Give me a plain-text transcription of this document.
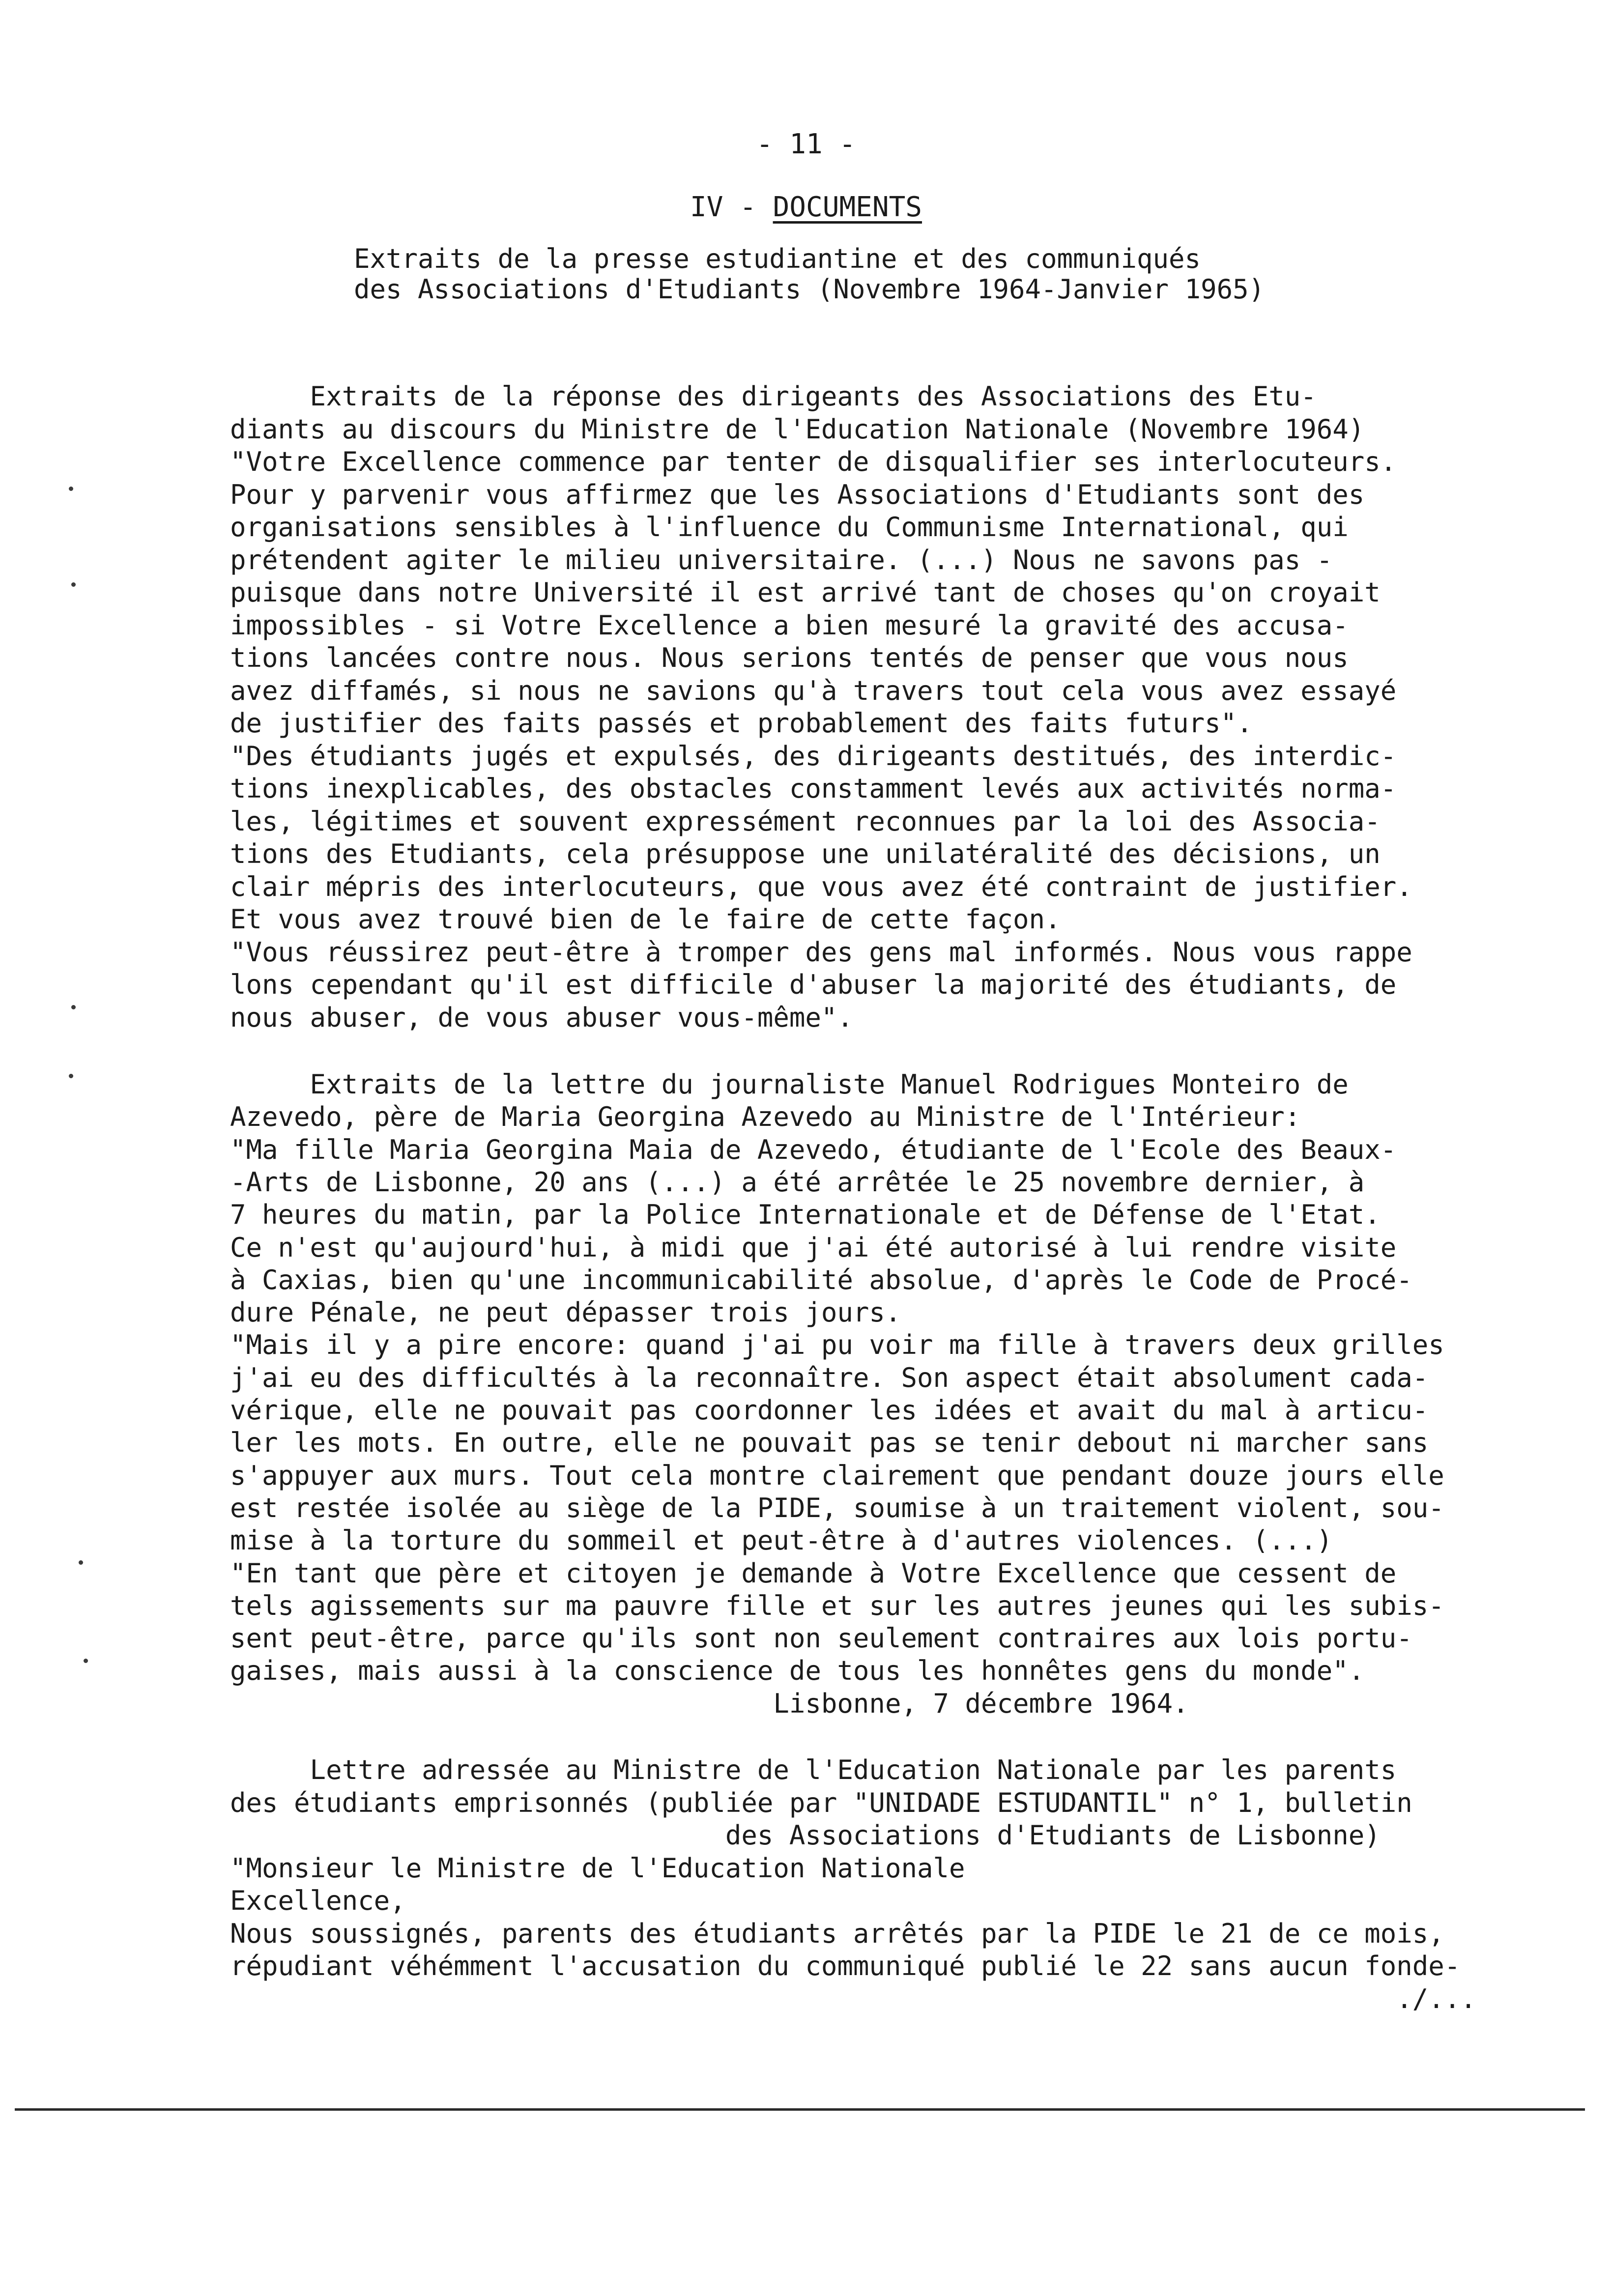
- 11 -
IV - DOCUMENTS
Extraits de la presse estudiantine et des communiqués
des Associations d'Etudiants (Novembre 1964-Janvier 1965)
Extraits de la réponse des dirigeants des Associations des Etu-
diants au discours du Ministre de l'Education Nationale (Novembre 1964)
"Votre Excellence commence par tenter de disqualifier ses interlocuteurs.
Pour y parvenir vous affirmez que les Associations d'Etudiants sont des
organisations sensibles à l'influence du Communisme International, qui
prétendent agiter le milieu universitaire. (...) Nous ne savons pas -
puisque dans notre Université il est arrivé tant de choses qu'on croyait
impossibles - si Votre Excellence a bien mesuré la gravité des accusa-
tions lancées contre nous. Nous serions tentés de penser que vous nous
avez diffamés, si nous ne savions qu'à travers tout cela vous avez essayé
de justifier des faits passés et probablement des faits futurs".
"Des étudiants jugés et expulsés, des dirigeants destitués, des interdic-
tions inexplicables, des obstacles constamment levés aux activités norma-
les, légitimes et souvent expressément reconnues par la loi des Associa-
tions des Etudiants, cela présuppose une unilatéralité des décisions, un
clair mépris des interlocuteurs, que vous avez été contraint de justifier.
Et vous avez trouvé bien de le faire de cette façon.
"Vous réussirez peut-être à tromper des gens mal informés. Nous vous rappe
lons cependant qu'il est difficile d'abuser la majorité des étudiants, de
nous abuser, de vous abuser vous-même".
Extraits de la lettre du journaliste Manuel Rodrigues Monteiro de
Azevedo, père de Maria Georgina Azevedo au Ministre de l'Intérieur:
"Ma fille Maria Georgina Maia de Azevedo, étudiante de l'Ecole des Beaux-
-Arts de Lisbonne, 20 ans (...) a été arrêtée le 25 novembre dernier, à
7 heures du matin, par la Police Internationale et de Défense de l'Etat.
Ce n'est qu'aujourd'hui, à midi que j'ai été autorisé à lui rendre visite
à Caxias, bien qu'une incommunicabilité absolue, d'après le Code de Procé-
dure Pénale, ne peut dépasser trois jours.
"Mais il y a pire encore: quand j'ai pu voir ma fille à travers deux grilles
j'ai eu des difficultés à la reconnaître. Son aspect était absolument cada-
vérique, elle ne pouvait pas coordonner les idées et avait du mal à articu-
ler les mots. En outre, elle ne pouvait pas se tenir debout ni marcher sans
s'appuyer aux murs. Tout cela montre clairement que pendant douze jours elle
est restée isolée au siège de la PIDE, soumise à un traitement violent, sou-
mise à la torture du sommeil et peut-être à d'autres violences. (...)
"En tant que père et citoyen je demande à Votre Excellence que cessent de
tels agissements sur ma pauvre fille et sur les autres jeunes qui les subis-
sent peut-être, parce qu'ils sont non seulement contraires aux lois portu-
gaises, mais aussi à la conscience de tous les honnêtes gens du monde".
Lisbonne, 7 décembre 1964.
Lettre adressée au Ministre de l'Education Nationale par les parents
des étudiants emprisonnés (publiée par "UNIDADE ESTUDANTIL" n° 1, bulletin
des Associations d'Etudiants de Lisbonne)
"Monsieur le Ministre de l'Education Nationale
Excellence,
Nous soussignés, parents des étudiants arrêtés par la PIDE le 21 de ce mois,
répudiant véhémment l'accusation du communiqué publié le 22 sans aucun fonde-
./...
